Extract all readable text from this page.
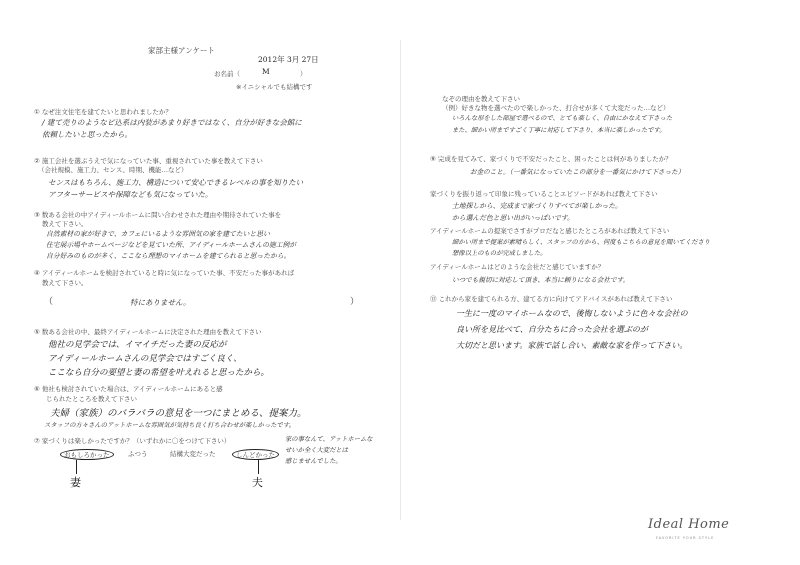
家部主様アンケート
2012年 3月 27日
お名前（	M	）
※イニシャルでも結構です
① なぜ注文住宅を建てたいと思われましたか？
/ 建て売りのようなピ込系は内装があまり好きではなく、自分が好きな会館に
依頼したいと思ったから。
② 施工会社を選ぶうえで気になっていた事、重視されていた事を教えて下さい
（会社規模、施工力、センス、時期、機能…など）
センスはもちろん、施工力、構造について安心できるレベルの事を知りたい
アフターサービスや保障なども気になっていた。
③ 数ある会社の中アイディールホームに問い合わせされた理由や期待されていた事を
教えて下さい。
自然素材の家が好きで、カフェにいるような雰囲気の家を建てたいと思い
住宅展示場やホームページなどを見ていた所、アイディールホームさんの施工例が
自分好みのものが多く、ここなら理想のマイホームを建てられると思ったから。
④ アイディールホームを検討されていると時に気になっていた事、不安だった事があれば
教えて下さい。
（	特にありません。	）
⑤ 数ある会社の中、最終アイディールホームに決定された理由を教えて下さい
他社の見学会では、イマイチだった妻の反応が
アイディールホームさんの見学会ではすごく良く、
ここなら自分の要望と妻の希望を叶えれると思ったから。
⑥ 他社も検討されていた場合は、アイディールホームにあると感
じられたところを教えて下さい
夫婦（家族）のバラバラの意見を一つにまとめる、提案力。
スタッフの方々さんのアットホームな雰囲気が気持ち良く打ち合わせが楽しかったです。
⑦ 家づくりは楽しかったですか？（いずれかに〇をつけて下さい）
おもしろかった	ふつう	結構大変だった	しんどかった
妻	夫
家の事なんて、アットホームな
せいか全く大変だとは
感じませんでした。
なぞの理由を教えて下さい
（例）好きな物を選べたので楽しかった、打合せが多くて大変だった…など）
いろんな形をした部屋で選べるので、とても楽しく、自由にかなえて下さった
また、細かい所まですごく丁寧に対応して下さり、本当に楽しかったです。
⑨ 完成を見てみて、家づくりで不安だったこと、困ったことは何がありましたか？
お金のこと。（一番気になっていたこの部分を一番気にかけて下さった）
家づくりを振り返って印象に残っていることエピソードがあれば教えて下さい
土地探しから、完成まで家づくりすべてが楽しかった。
から選んだ色と思い出がいっぱいです。
アイディールホームの提案でさすがプロだなと感じたところがあれば教えて下さい
細かい所まで提案が素晴らしく、スタッフの方から、何度もこちらの意見を聞いてくださり
想像以上のものが完成しました。
アイディールホームはどのような会社だと感じていますか？
いつでも親切に対応して頂き、本当に頼りになる会社です。
⑬ これから家を建てられる方、建てる方に向けてアドバイスがあれば教えて下さい
一生に一度のマイホームなので、後悔しないように色々な会社の
良い所を見比べて、自分たちに合った会社を選ぶのが
大切だと思います。家族で話し合い、素敵な家を作って下さい。
Ideal Home
FAVORITE YOUR STYLE
